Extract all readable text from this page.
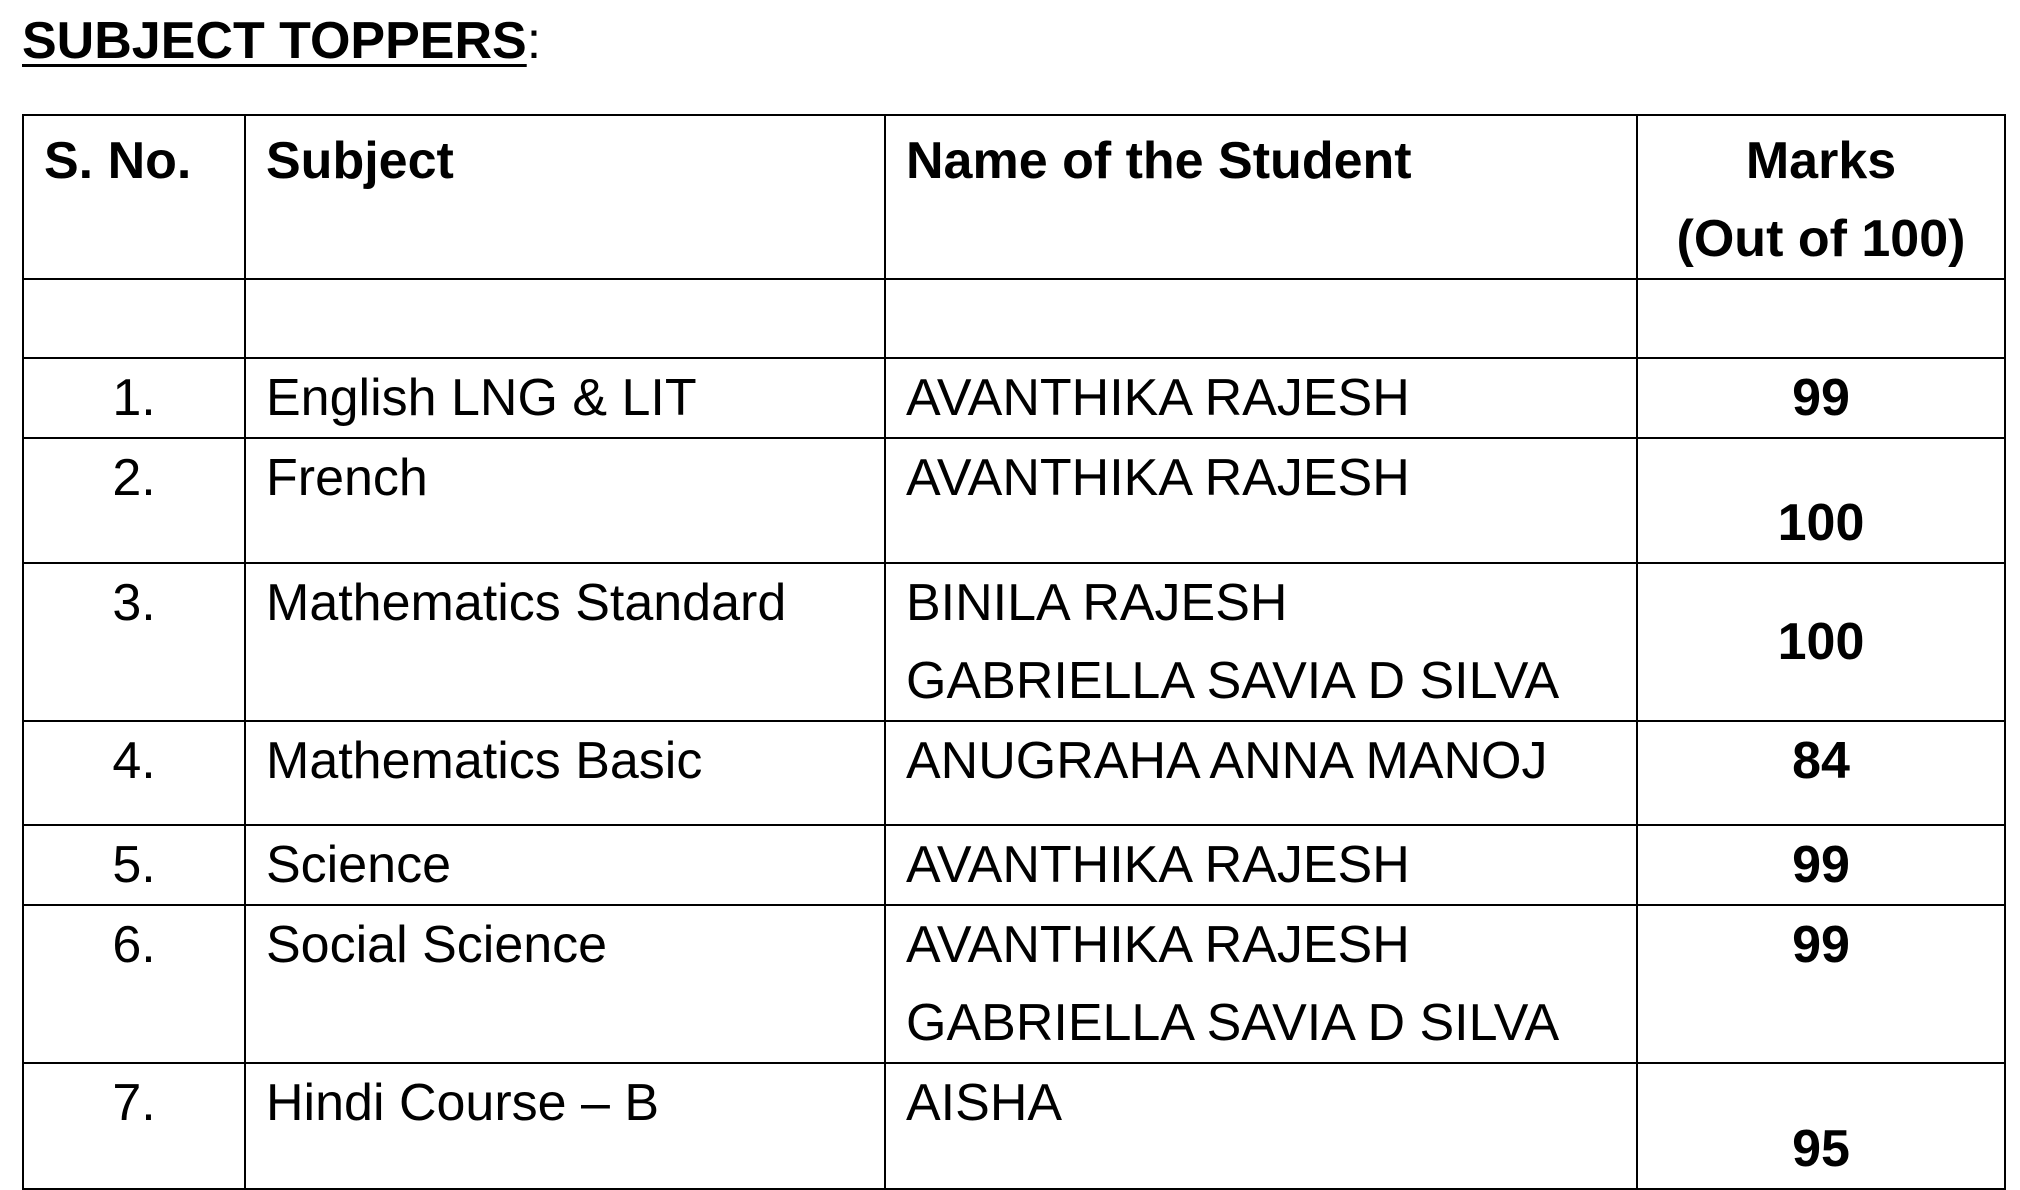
SUBJECT TOPPERS:
S. No.	Subject	Name of the Student	Marks
(Out of 100)

1.	English LNG & LIT	AVANTHIKA RAJESH	99
2.	French	AVANTHIKA RAJESH	100
3.	Mathematics Standard	BINILA RAJESH
GABRIELLA SAVIA D SILVA	100
4.	Mathematics Basic	ANUGRAHA ANNA MANOJ	84
5.	Science	AVANTHIKA RAJESH	99
6.	Social Science	AVANTHIKA RAJESH
GABRIELLA SAVIA D SILVA	99
7.	Hindi Course – B	AISHA	95
